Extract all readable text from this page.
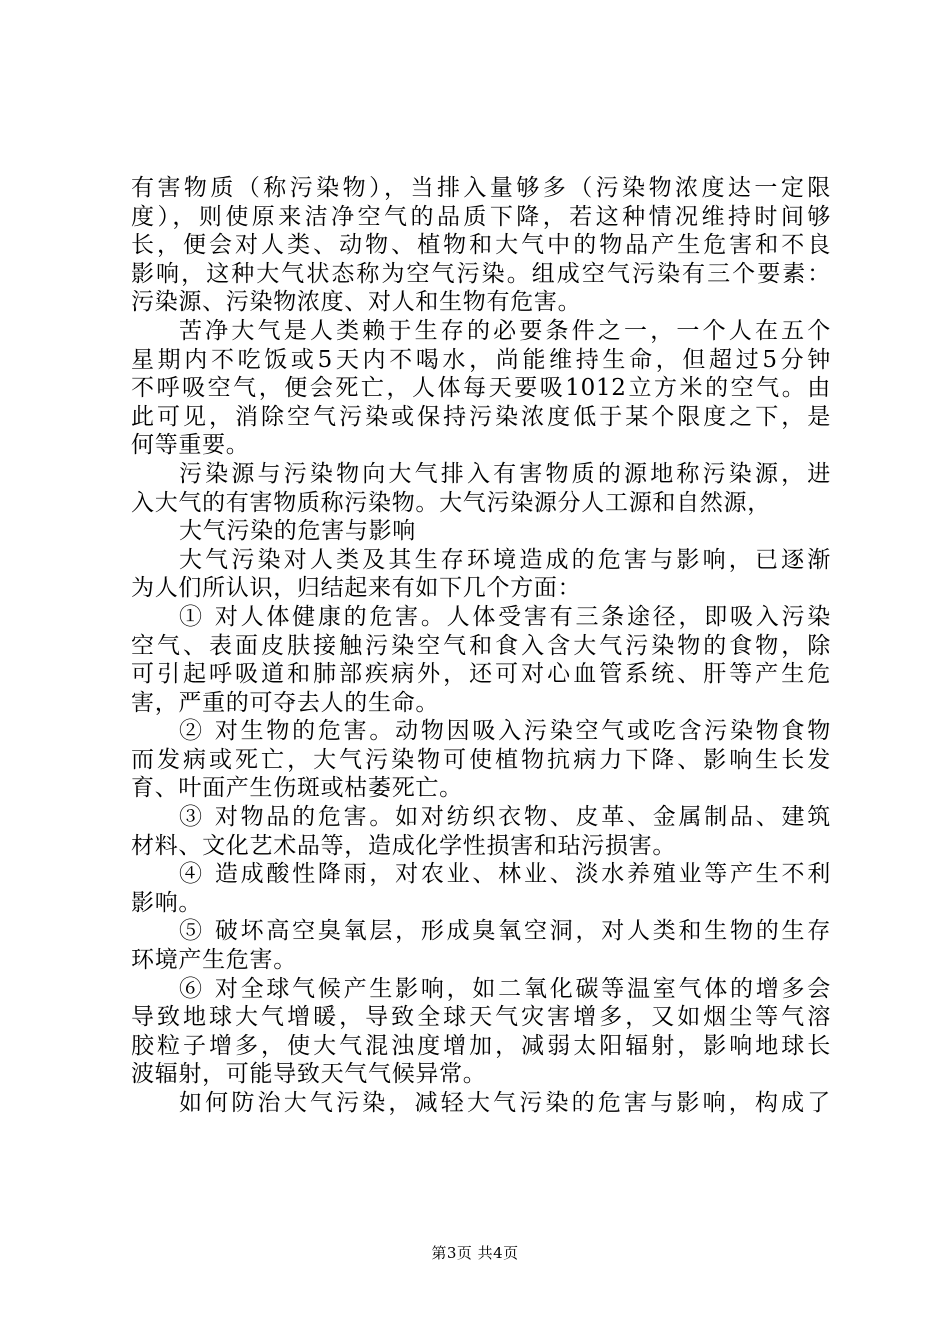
有害物质（称污染物），当排入量够多（污染物浓度达一定限
度），则使原来洁净空气的品质下降，若这种情况维持时间够
长，便会对人类、动物、植物和大气中的物品产生危害和不良
影响，这种大气状态称为空气污染。组成空气污染有三个要素：
污染源、污染物浓度、对人和生物有危害。
苦净大气是人类赖于生存的必要条件之一，一个人在五个
星期内不吃饭或5天内不喝水，尚能维持生命，但超过5分钟
不呼吸空气，便会死亡，人体每天要吸1012立方米的空气。由
此可见，消除空气污染或保持污染浓度低于某个限度之下，是
何等重要。
污染源与污染物向大气排入有害物质的源地称污染源，进
入大气的有害物质称污染物。大气污染源分人工源和自然源，
大气污染的危害与影响
大气污染对人类及其生存环境造成的危害与影响，已逐渐
为人们所认识，归结起来有如下几个方面：
① 对人体健康的危害。人体受害有三条途径，即吸入污染
空气、表面皮肤接触污染空气和食入含大气污染物的食物，除
可引起呼吸道和肺部疾病外，还可对心血管系统、肝等产生危
害，严重的可夺去人的生命。
② 对生物的危害。动物因吸入污染空气或吃含污染物食物
而发病或死亡，大气污染物可使植物抗病力下降、影响生长发
育、叶面产生伤斑或枯萎死亡。
③ 对物品的危害。如对纺织衣物、皮革、金属制品、建筑
材料、文化艺术品等，造成化学性损害和玷污损害。
④ 造成酸性降雨，对农业、林业、淡水养殖业等产生不利
影响。
⑤ 破坏高空臭氧层，形成臭氧空洞，对人类和生物的生存
环境产生危害。
⑥ 对全球气候产生影响，如二氧化碳等温室气体的增多会
导致地球大气增暖，导致全球天气灾害增多，又如烟尘等气溶
胶粒子增多，使大气混浊度增加，减弱太阳辐射，影响地球长
波辐射，可能导致天气气候异常。
如何防治大气污染，减轻大气污染的危害与影响，构成了
第3页 共4页
